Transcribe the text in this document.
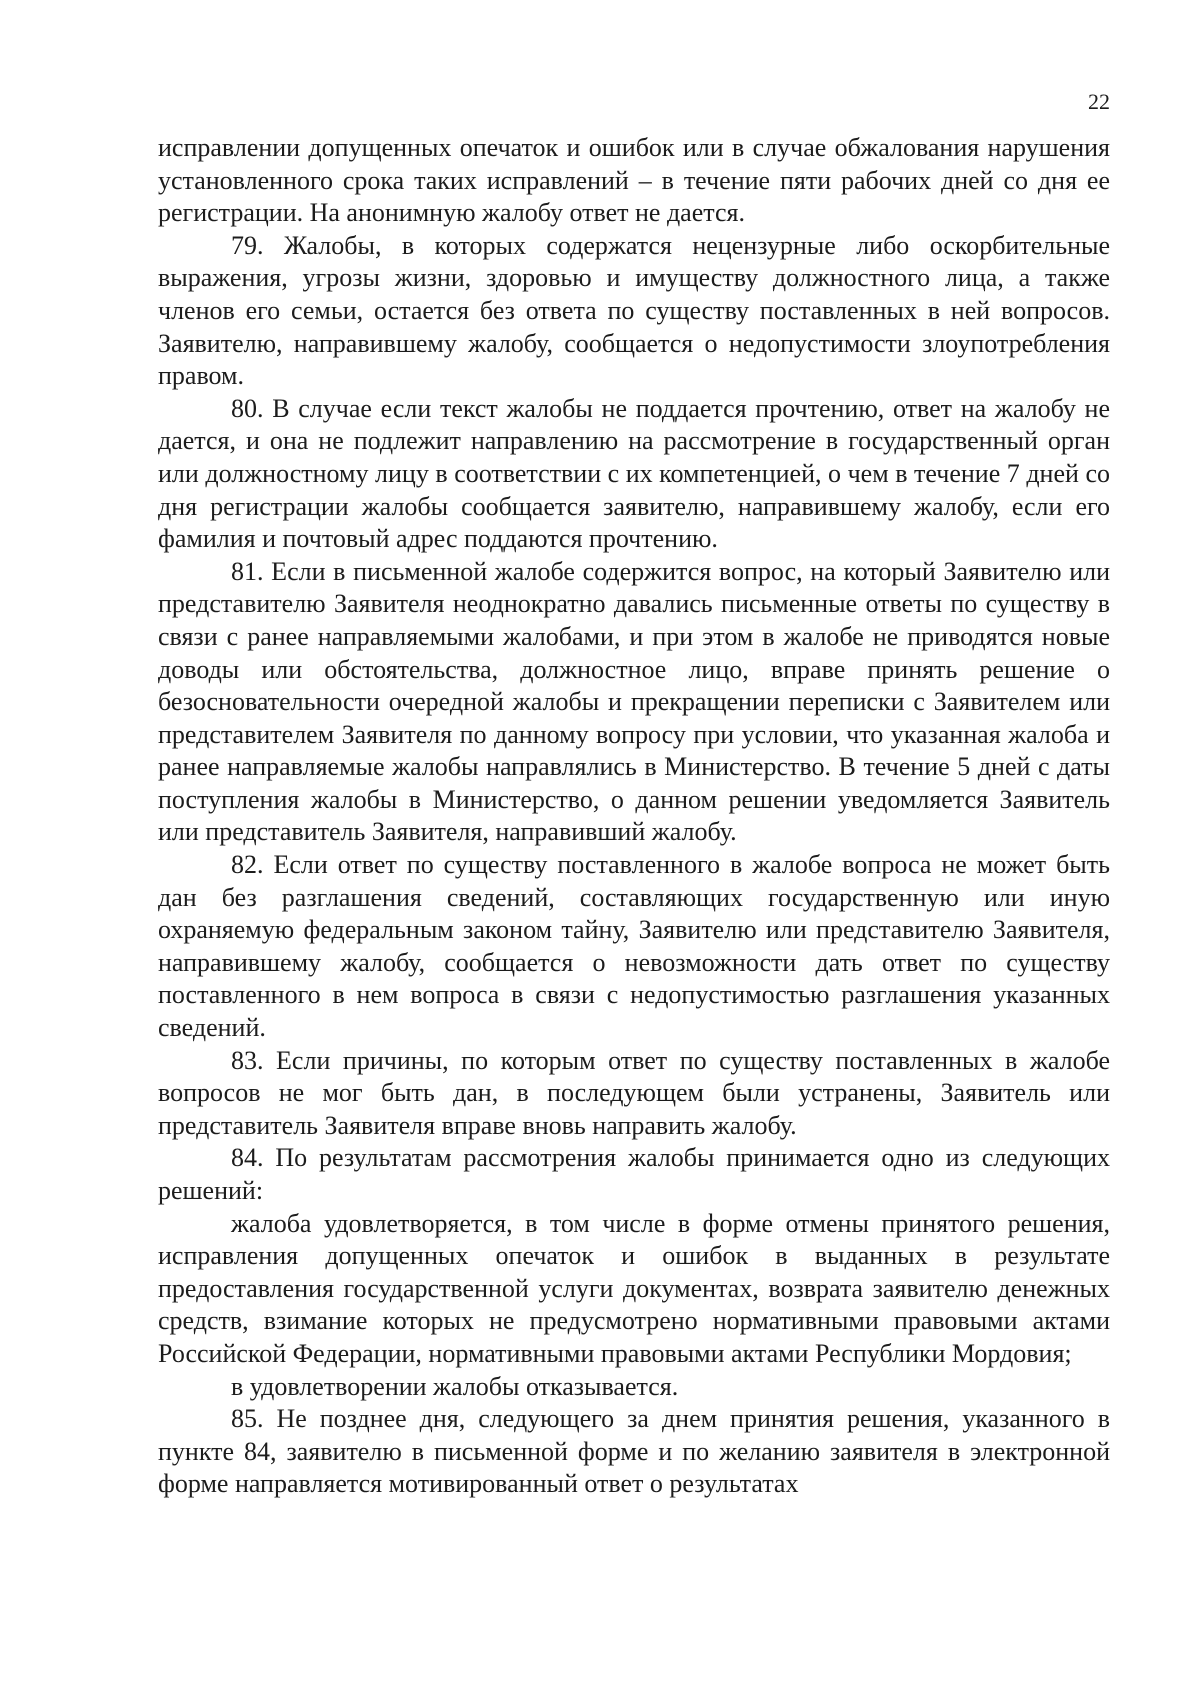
22

исправлении допущенных опечаток и ошибок или в случае обжалования нарушения установленного срока таких исправлений – в течение пяти рабочих дней со дня ее регистрации. На анонимную жалобу ответ не дается.

79. Жалобы, в которых содержатся нецензурные либо оскорбительные выражения, угрозы жизни, здоровью и имуществу должностного лица, а также членов его семьи, остается без ответа по существу поставленных в ней вопросов. Заявителю, направившему жалобу, сообщается о недопустимости злоупотребления правом.

80. В случае если текст жалобы не поддается прочтению, ответ на жалобу не дается, и она не подлежит направлению на рассмотрение в государственный орган или должностному лицу в соответствии с их компетенцией, о чем в течение 7 дней со дня регистрации жалобы сообщается заявителю, направившему жалобу, если его фамилия и почтовый адрес поддаются прочтению.

81. Если в письменной жалобе содержится вопрос, на который Заявителю или представителю Заявителя неоднократно давались письменные ответы по существу в связи с ранее направляемыми жалобами, и при этом в жалобе не приводятся новые доводы или обстоятельства, должностное лицо, вправе принять решение о безосновательности очередной жалобы и прекращении переписки с Заявителем или представителем Заявителя по данному вопросу при условии, что указанная жалоба и ранее направляемые жалобы направлялись в Министерство. В течение 5 дней с даты поступления жалобы в Министерство, о данном решении уведомляется Заявитель или представитель Заявителя, направивший жалобу.

82. Если ответ по существу поставленного в жалобе вопроса не может быть дан без разглашения сведений, составляющих государственную или иную охраняемую федеральным законом тайну, Заявителю или представителю Заявителя, направившему жалобу, сообщается о невозможности дать ответ по существу поставленного в нем вопроса в связи с недопустимостью разглашения указанных сведений.

83. Если причины, по которым ответ по существу поставленных в жалобе вопросов не мог быть дан, в последующем были устранены, Заявитель или представитель Заявителя вправе вновь направить жалобу.

84. По результатам рассмотрения жалобы принимается одно из следующих решений:

жалоба удовлетворяется, в том числе в форме отмены принятого решения, исправления допущенных опечаток и ошибок в выданных в результате предоставления государственной услуги документах, возврата заявителю денежных средств, взимание которых не предусмотрено нормативными правовыми актами Российской Федерации, нормативными правовыми актами Республики Мордовия;

в удовлетворении жалобы отказывается.

85. Не позднее дня, следующего за днем принятия решения, указанного в пункте 84, заявителю в письменной форме и по желанию заявителя в электронной форме направляется мотивированный ответ о результатах
